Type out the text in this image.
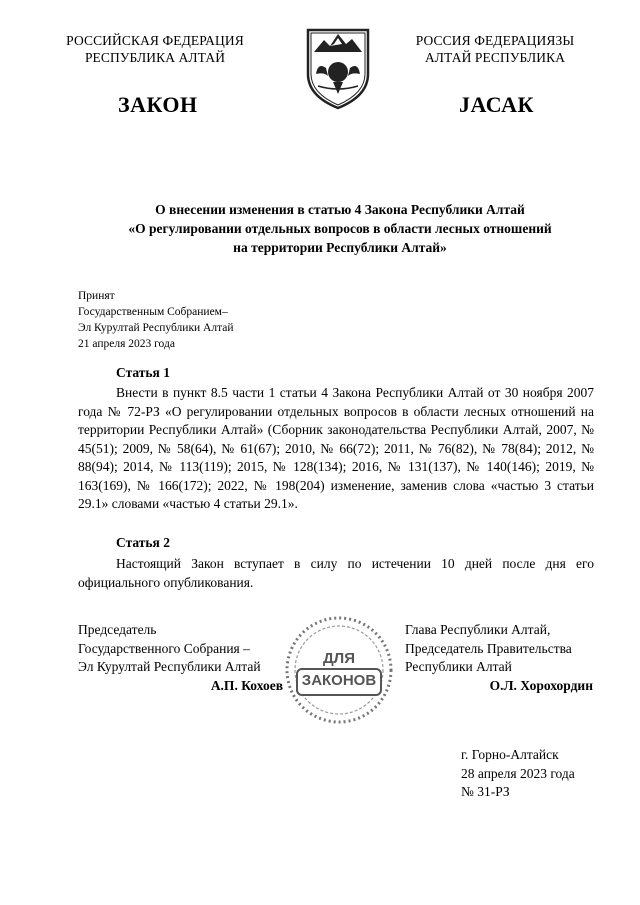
РОССИЙСКАЯ ФЕДЕРАЦИЯ
РЕСПУБЛИКА АЛТАЙ
РОССИЯ ФЕДЕРАЦИЯЗЫ
АЛТАЙ РЕСПУБЛИКА
ЗАКОН	ЈАСАК
О внесении изменения в статью 4 Закона Республики Алтай
«О регулировании отдельных вопросов в области лесных отношений
на территории Республики Алтай»
Принят
Государственным Собранием–
Эл Курултай Республики Алтай
21 апреля 2023 года
Статья 1
Внести в пункт 8.5 части 1 статьи 4 Закона Республики Алтай от 30 ноября 2007 года № 72-РЗ «О регулировании отдельных вопросов в области лесных отношений на территории Республики Алтай» (Сборник законодательства Республики Алтай, 2007, № 45(51); 2009, № 58(64), № 61(67); 2010, № 66(72); 2011, № 76(82), № 78(84); 2012, № 88(94); 2014, № 113(119); 2015, № 128(134); 2016, № 131(137), № 140(146); 2019, № 163(169), № 166(172); 2022, № 198(204) изменение, заменив слова «частью 3 статьи 29.1» словами «частью 4 статьи 29.1».
Статья 2
Настоящий Закон вступает в силу по истечении 10 дней после дня его официального опубликования.
Председатель
Государственного Собрания –
Эл Курултай Республики Алтай
А.П. Кохоев
ДЛЯ
ЗАКОНОВ
Глава Республики Алтай,
Председатель Правительства
Республики Алтай
О.Л. Хорохордин
г. Горно-Алтайск
28 апреля 2023 года
№ 31-РЗ
